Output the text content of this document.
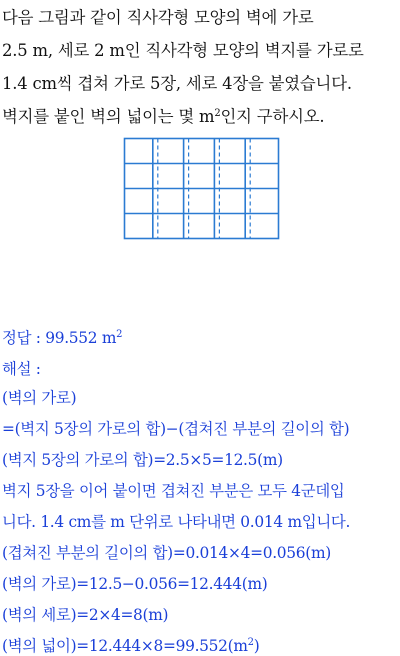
다음 그림과 같이 직사각형 모양의 벽에 가로
2.5 m, 세로 2 m인 직사각형 모양의 벽지를 가로로
1.4 cm씩 겹쳐 가로 5장, 세로 4장을 붙였습니다.
벽지를 붙인 벽의 넓이는 몇 $m^2$인지 구하시오.
정답 : 99.552 $m^2$
해설 :
(벽의 가로)
=(벽지 5장의 가로의 합)−(겹쳐진 부분의 길이의 합)
(벽지 5장의 가로의 합)=2.5×5=12.5(m)
벽지 5장을 이어 붙이면 겹쳐진 부분은 모두 4군데입
니다. 1.4 cm를 m 단위로 나타내면 0.014 m입니다.
(겹쳐진 부분의 길이의 합)=0.014×4=0.056(m)
(벽의 가로)=12.5−0.056=12.444(m)
(벽의 세로)=2×4=8(m)
(벽의 넓이)$=12.444\times 8=99.552(m^2)$
